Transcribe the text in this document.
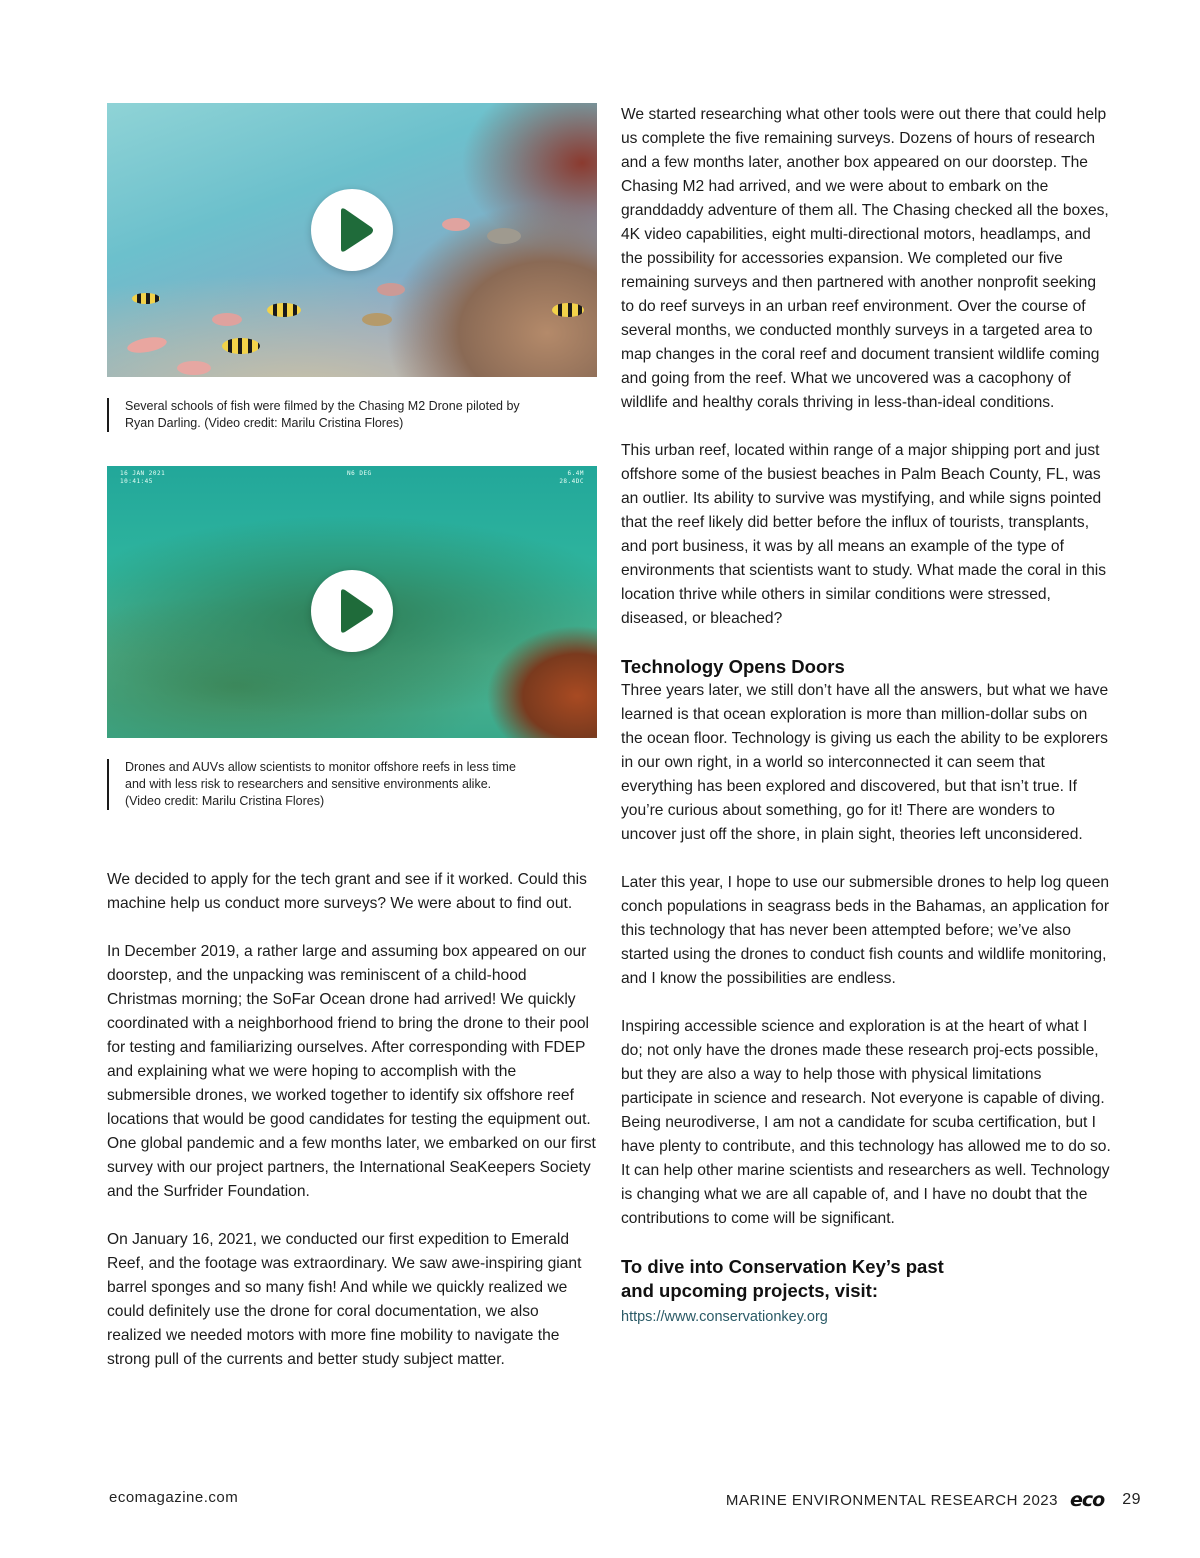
Several schools of fish were filmed by the Chasing M2 Drone piloted by Ryan Darling. (Video credit: Marilu Cristina Flores)
16 JAN 2021
10:41:45
N6 DEG	6.4M
28.4DC
Drones and AUVs allow scientists to monitor offshore reefs in less time and with less risk to researchers and sensitive environments alike. (Video credit: Marilu Cristina Flores)

We decided to apply for the tech grant and see if it worked. Could this machine help us conduct more surveys? We were about to find out.

In December 2019, a rather large and assuming box appeared on our doorstep, and the unpacking was reminiscent of a child-hood Christmas morning; the SoFar Ocean drone had arrived! We quickly coordinated with a neighborhood friend to bring the drone to their pool for testing and familiarizing ourselves. After corresponding with FDEP and explaining what we were hoping to accomplish with the submersible drones, we worked together to identify six offshore reef locations that would be good candidates for testing the equipment out. One global pandemic and a few months later, we embarked on our first survey with our project partners, the International SeaKeepers Society and the Surfrider Foundation.

On January 16, 2021, we conducted our first expedition to Emerald Reef, and the footage was extraordinary. We saw awe-inspiring giant barrel sponges and so many fish! And while we quickly realized we could definitely use the drone for coral documentation, we also realized we needed motors with more fine mobility to navigate the strong pull of the currents and better study subject matter.

We started researching what other tools were out there that could help us complete the five remaining surveys. Dozens of hours of research and a few months later, another box appeared on our doorstep. The Chasing M2 had arrived, and we were about to embark on the granddaddy adventure of them all. The Chasing checked all the boxes, 4K video capabilities, eight multi-directional motors, headlamps, and the possibility for accessories expansion. We completed our five remaining surveys and then partnered with another nonprofit seeking to do reef surveys in an urban reef environment. Over the course of several months, we conducted monthly surveys in a targeted area to map changes in the coral reef and document transient wildlife coming and going from the reef. What we uncovered was a cacophony of wildlife and healthy corals thriving in less-than-ideal conditions.

This urban reef, located within range of a major shipping port and just offshore some of the busiest beaches in Palm Beach County, FL, was an outlier. Its ability to survive was mystifying, and while signs pointed that the reef likely did better before the influx of tourists, transplants, and port business, it was by all means an example of the type of environments that scientists want to study. What made the coral in this location thrive while others in similar conditions were stressed, diseased, or bleached?

Technology Opens Doors

Three years later, we still don’t have all the answers, but what we have learned is that ocean exploration is more than million-dollar subs on the ocean floor. Technology is giving us each the ability to be explorers in our own right, in a world so interconnected it can seem that everything has been explored and discovered, but that isn’t true. If you’re curious about something, go for it! There are wonders to uncover just off the shore, in plain sight, theories left unconsidered.

Later this year, I hope to use our submersible drones to help log queen conch populations in seagrass beds in the Bahamas, an application for this technology that has never been attempted before; we’ve also started using the drones to conduct fish counts and wildlife monitoring, and I know the possibilities are endless.

Inspiring accessible science and exploration is at the heart of what I do; not only have the drones made these research proj-ects possible, but they are also a way to help those with physical limitations participate in science and research. Not everyone is capable of diving. Being neurodiverse, I am not a candidate for scuba certification, but I have plenty to contribute, and this technology has allowed me to do so. It can help other marine scientists and researchers as well. Technology is changing what we are all capable of, and I have no doubt that the contributions to come will be significant.

To dive into Conservation Key’s past
and upcoming projects, visit:
https://www.conservationkey.org
ecomagazine.com	MARINE ENVIRONMENTAL RESEARCH 2023 eco 29
